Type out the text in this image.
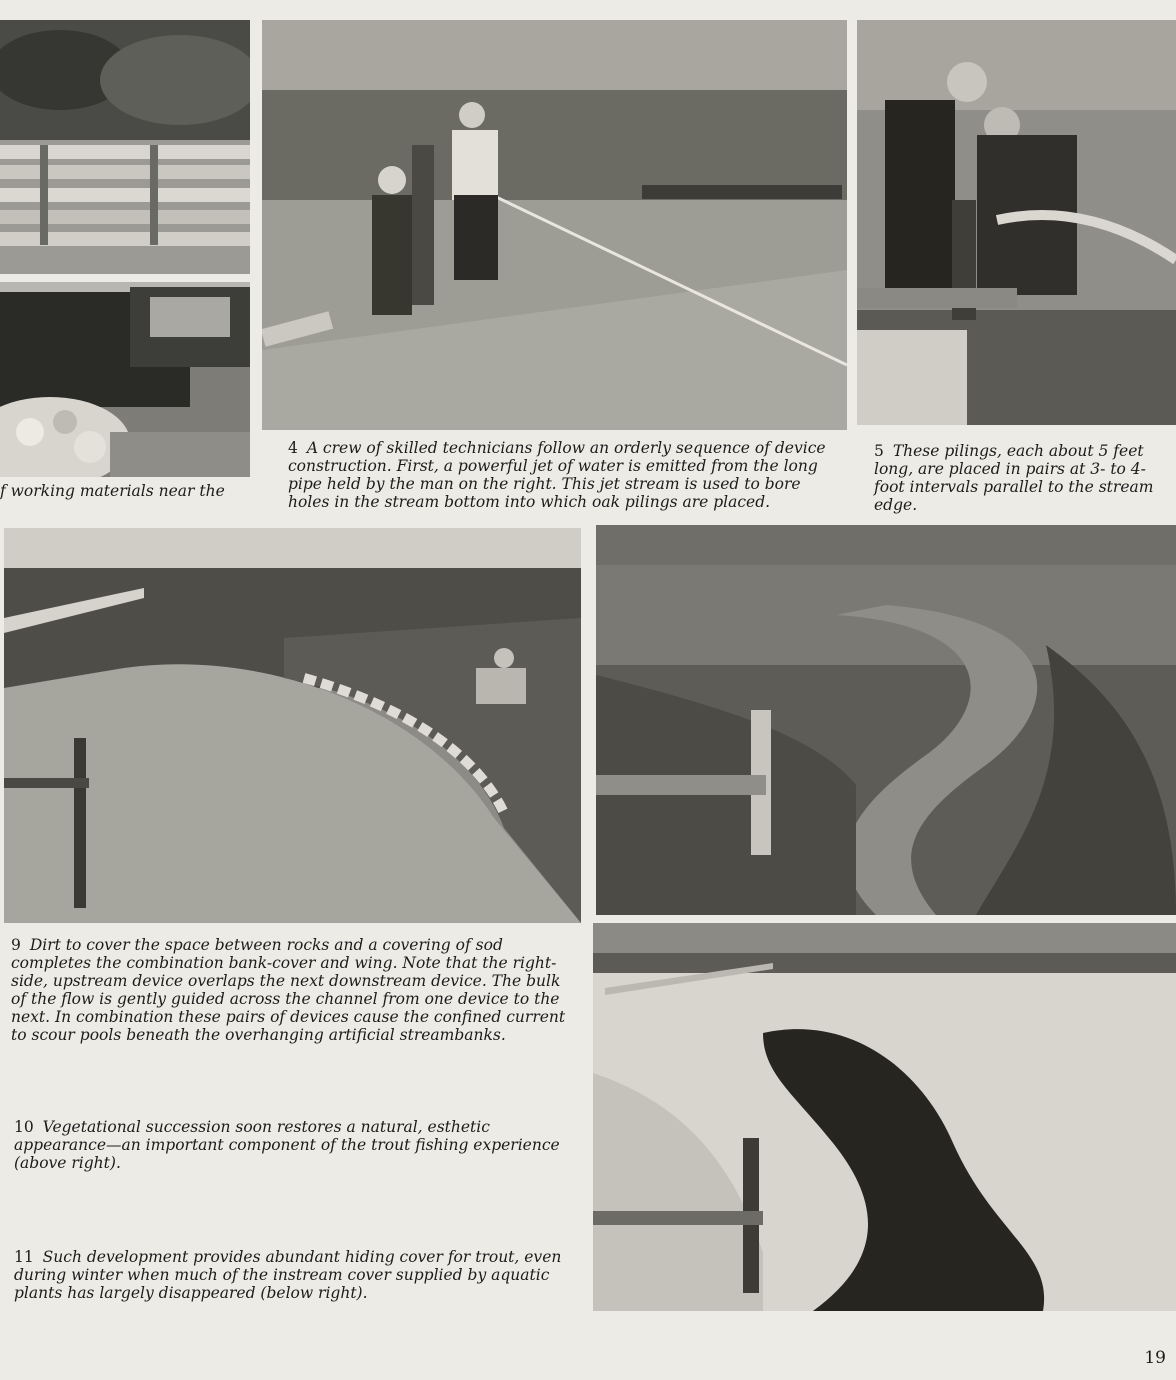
f working materials near the

4 A crew of skilled technicians follow an orderly sequence of device construction. First, a powerful jet of water is emitted from the long pipe held by the man on the right. This jet stream is used to bore holes in the stream bottom into which oak pilings are placed.

5 These pilings, each about 5 feet long, are placed in pairs at 3- to 4-foot intervals parallel to the stream edge.

9 Dirt to cover the space between rocks and a covering of sod completes the combination bank-cover and wing. Note that the right-side, upstream device overlaps the next downstream device. The bulk of the flow is gently guided across the channel from one device to the next. In combination these pairs of devices cause the confined current to scour pools beneath the overhanging artificial streambanks.

10 Vegetational succession soon restores a natural, esthetic appearance—an important component of the trout fishing experience (above right).

11 Such development provides abundant hiding cover for trout, even during winter when much of the instream cover supplied by aquatic plants has largely disappeared (below right).

19
